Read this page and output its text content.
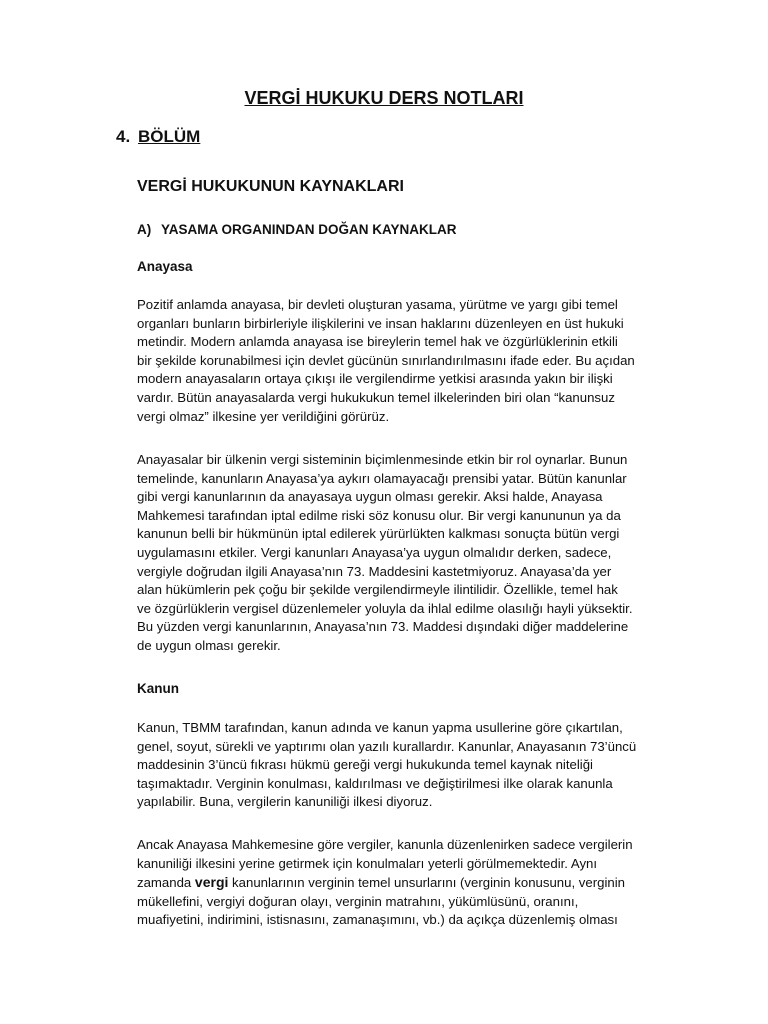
VERGİ HUKUKU DERS NOTLARI
4. BÖLÜM
VERGİ HUKUKUNUN KAYNAKLARI
A) YASAMA ORGANINDAN DOĞAN KAYNAKLAR
Anayasa

Pozitif anlamda anayasa, bir devleti oluşturan yasama, yürütme ve yargı gibi temel
organları bunların birbirleriyle ilişkilerini ve insan haklarını düzenleyen en üst hukuki
metindir. Modern anlamda anayasa ise bireylerin temel hak ve özgürlüklerinin etkili
bir şekilde korunabilmesi için devlet gücünün sınırlandırılmasını ifade eder. Bu açıdan
modern anayasaların ortaya çıkışı ile vergilendirme yetkisi arasında yakın bir ilişki
vardır. Bütün anayasalarda vergi hukukukun temel ilkelerinden biri olan “kanunsuz
vergi olmaz” ilkesine yer verildiğini görürüz.

Anayasalar bir ülkenin vergi sisteminin biçimlenmesinde etkin bir rol oynarlar. Bunun
temelinde, kanunların Anayasa’ya aykırı olamayacağı prensibi yatar. Bütün kanunlar
gibi vergi kanunlarının da anayasaya uygun olması gerekir. Aksi halde, Anayasa
Mahkemesi tarafından iptal edilme riski söz konusu olur. Bir vergi kanununun ya da
kanunun belli bir hükmünün iptal edilerek yürürlükten kalkması sonuçta bütün vergi
uygulamasını etkiler. Vergi kanunları Anayasa’ya uygun olmalıdır derken, sadece,
vergiyle doğrudan ilgili Anayasa’nın 73. Maddesini kastetmiyoruz. Anayasa’da yer
alan hükümlerin pek çoğu bir şekilde vergilendirmeyle ilintilidir. Özellikle, temel hak
ve özgürlüklerin vergisel düzenlemeler yoluyla da ihlal edilme olasılığı hayli yüksektir.
Bu yüzden vergi kanunlarının, Anayasa’nın 73. Maddesi dışındaki diğer maddelerine
de uygun olması gerekir.

Kanun

Kanun, TBMM tarafından, kanun adında ve kanun yapma usullerine göre çıkartılan,
genel, soyut, sürekli ve yaptırımı olan yazılı kurallardır. Kanunlar, Anayasanın 73’üncü
maddesinin 3’üncü fıkrası hükmü gereği vergi hukukunda temel kaynak niteliği
taşımaktadır. Verginin konulması, kaldırılması ve değiştirilmesi ilke olarak kanunla
yapılabilir. Buna, vergilerin kanuniliği ilkesi diyoruz.

Ancak Anayasa Mahkemesine göre vergiler, kanunla düzenlenirken sadece vergilerin
kanuniliği ilkesini yerine getirmek için konulmaları yeterli görülmemektedir. Aynı
zamanda vergi kanunlarının verginin temel unsurlarını (verginin konusunu, verginin
mükellefini, vergiyi doğuran olayı, verginin matrahını, yükümlüsünü, oranını,
muafiyetini, indirimini, istisnasını, zamanaşımını, vb.) da açıkça düzenlemiş olması
